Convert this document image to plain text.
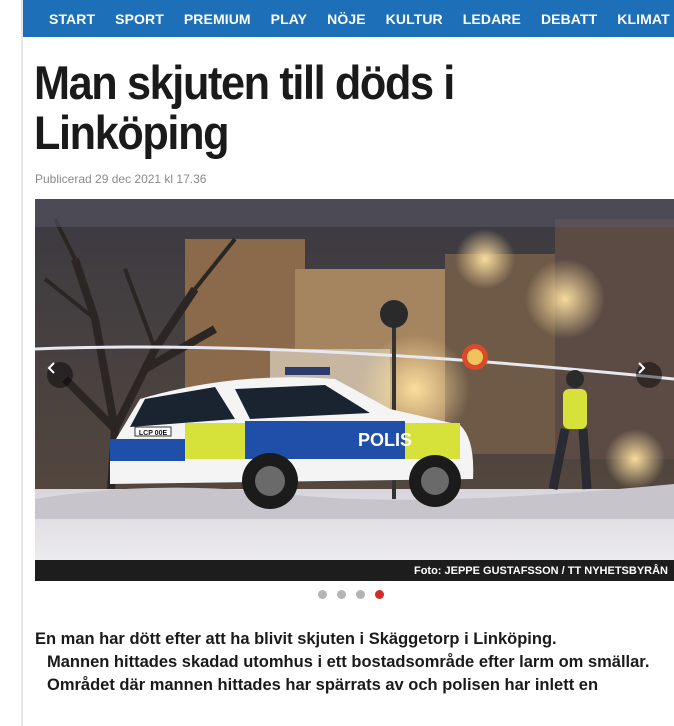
START SPORT PREMIUM PLAY NÖJE KULTUR LEDARE DEBATT KLIMAT
Man skjuten till döds i Linköping
Publicerad 29 dec 2021 kl 17.36
LCP 00E	POLIS
Foto: JEPPE GUSTAFSSON / TT NYHETSBYRÅN

En man har dött efter att ha blivit skjuten i Skäggetorp i Linköping.

Mannen hittades skadad utomhus i ett bostadsområde efter larm om smällar.

Området där mannen hittades har spärrats av och polisen har inlett en
